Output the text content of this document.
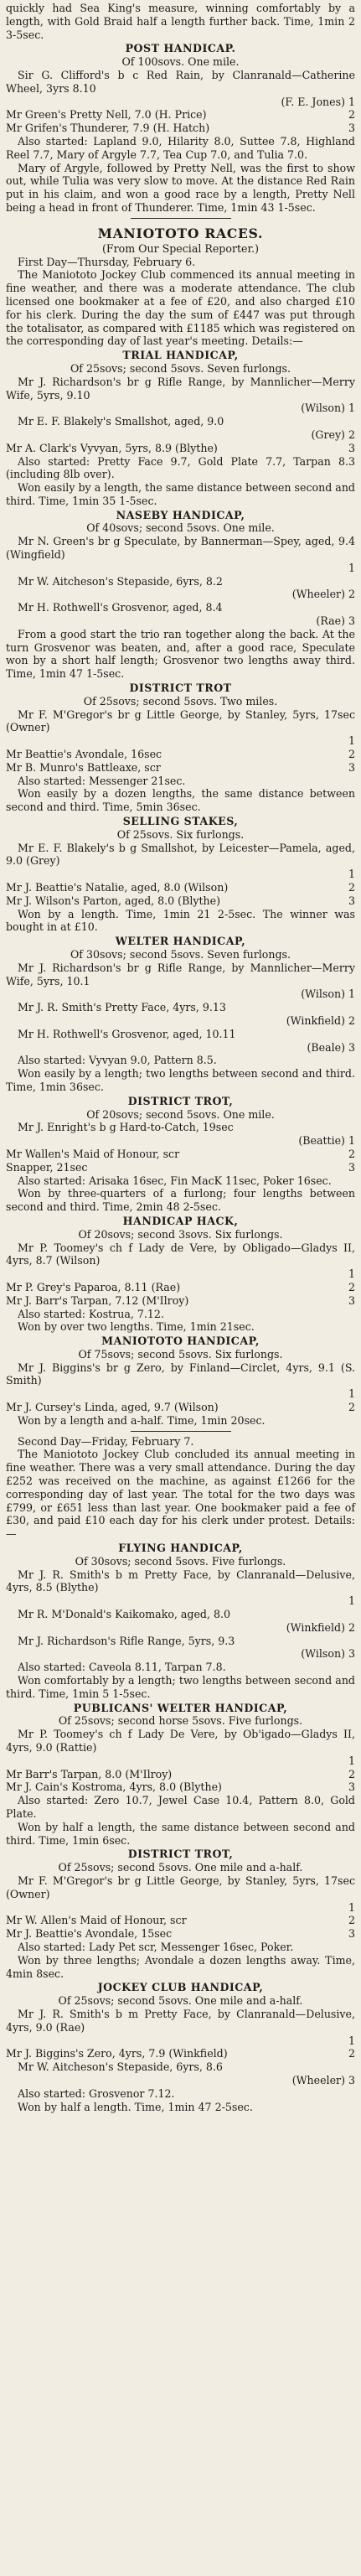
quickly had Sea King's measure, winning comfortably by a length, with Gold Braid half a length further back. Time, 1min 2 3-5sec.

POST HANDICAP.

Of 100sovs. One mile.

Sir G. Clifford's b c Red Rain, by Clanranald—Catherine Wheel, 3yrs 8.10

(F. E. Jones) 1

2
Mr Green's Pretty Nell, 7.0 (H. Price)

3
Mr Grifen's Thunderer, 7.9 (H. Hatch)

Also started: Lapland 9.0, Hilarity 8.0, Suttee 7.8, Highland Reel 7.7, Mary of Argyle 7.7, Tea Cup 7.0, and Tulia 7.0.

Mary of Argyle, followed by Pretty Nell, was the first to show out, while Tulia was very slow to move. At the distance Red Rain put in his claim, and won a good race by a length, Pretty Nell being a head in front of Thunderer. Time, 1min 43 1-5sec.

MANIOTOTO RACES.

(From Our Special Reporter.)

First Day—Thursday, February 6.

The Maniototo Jockey Club commenced its annual meeting in fine weather, and there was a moderate attendance. The club licensed one bookmaker at a fee of £20, and also charged £10 for his clerk. During the day the sum of £447 was put through the totalisator, as compared with £1185 which was registered on the corresponding day of last year's meeting. Details:—

TRIAL HANDICAP,

Of 25sovs; second 5sovs. Seven furlongs.

Mr J. Richardson's br g Rifle Range, by Mannlicher—Merry Wife, 5yrs, 9.10

(Wilson) 1

Mr E. F. Blakely's Smallshot, aged, 9.0

(Grey) 2

3
Mr A. Clark's Vyvyan, 5yrs, 8.9 (Blythe)

Also started: Pretty Face 9.7, Gold Plate 7.7, Tarpan 8.3 (including 8lb over).

Won easily by a length, the same distance between second and third. Time, 1min 35 1-5sec.

NASEBY HANDICAP,

Of 40sovs; second 5sovs. One mile.

Mr N. Green's br g Speculate, by Bannerman—Spey, aged, 9.4 (Wingfield)

1

Mr W. Aitcheson's Stepaside, 6yrs, 8.2

(Wheeler) 2

Mr H. Rothwell's Grosvenor, aged, 8.4

(Rae) 3

From a good start the trio ran together along the back. At the turn Grosvenor was beaten, and, after a good race, Speculate won by a short half length; Grosvenor two lengths away third. Time, 1min 47 1-5sec.

DISTRICT TROT

Of 25sovs; second 5sovs. Two miles.

Mr F. M'Gregor's br g Little George, by Stanley, 5yrs, 17sec (Owner)

1

2
Mr Beattie's Avondale, 16sec

3
Mr B. Munro's Battleaxe, scr

Also started: Messenger 21sec.

Won easily by a dozen lengths, the same distance between second and third. Time, 5min 36sec.

SELLING STAKES,

Of 25sovs. Six furlongs.

Mr E. F. Blakely's b g Smallshot, by Leicester—Pamela, aged, 9.0 (Grey)

1

2
Mr J. Beattie's Natalie, aged, 8.0 (Wilson)

3
Mr J. Wilson's Parton, aged, 8.0 (Blythe)

Won by a length. Time, 1min 21 2-5sec. The winner was bought in at £10.

WELTER HANDICAP,

Of 30sovs; second 5sovs. Seven furlongs.

Mr J. Richardson's br g Rifle Range, by Mannlicher—Merry Wife, 5yrs, 10.1

(Wilson) 1

Mr J. R. Smith's Pretty Face, 4yrs, 9.13

(Winkfield) 2

Mr H. Rothwell's Grosvenor, aged, 10.11

(Beale) 3

Also started: Vyvyan 9.0, Pattern 8.5.

Won easily by a length; two lengths between second and third. Time, 1min 36sec.

DISTRICT TROT,

Of 20sovs; second 5sovs. One mile.

Mr J. Enright's b g Hard-to-Catch, 19sec

(Beattie) 1

2
Mr Wallen's Maid of Honour, scr

3
Snapper, 21sec

Also started: Arisaka 16sec, Fin MacK 11sec, Poker 16sec.

Won by three-quarters of a furlong; four lengths between second and third. Time, 2min 48 2-5sec.

HANDICAP HACK,

Of 20sovs; second 3sovs. Six furlongs.

Mr P. Toomey's ch f Lady de Vere, by Obligado—Gladys II, 4yrs, 8.7 (Wilson)

1

2
Mr P. Grey's Paparoa, 8.11 (Rae)

3
Mr J. Barr's Tarpan, 7.12 (M'Ilroy)

Also started: Kostrua, 7.12.

Won by over two lengths. Time, 1min 21sec.

MANIOTOTO HANDICAP,

Of 75sovs; second 5sovs. Six furlongs.

Mr J. Biggins's br g Zero, by Finland—Circlet, 4yrs, 9.1 (S. Smith)

1

2
Mr J. Cursey's Linda, aged, 9.7 (Wilson)

Won by a length and a-half. Time, 1min 20sec.

Second Day—Friday, February 7.

The Maniototo Jockey Club concluded its annual meeting in fine weather. There was a very small attendance. During the day £252 was received on the machine, as against £1266 for the corresponding day of last year. The total for the two days was £799, or £651 less than last year. One bookmaker paid a fee of £30, and paid £10 each day for his clerk under protest. Details:—

FLYING HANDICAP,

Of 30sovs; second 5sovs. Five furlongs.

Mr J. R. Smith's b m Pretty Face, by Clanranald—Delusive, 4yrs, 8.5 (Blythe)

1

Mr R. M'Donald's Kaikomako, aged, 8.0

(Winkfield) 2

Mr J. Richardson's Rifle Range, 5yrs, 9.3

(Wilson) 3

Also started: Caveola 8.11, Tarpan 7.8.

Won comfortably by a length; two lengths between second and third. Time, 1min 5 1-5sec.

PUBLICANS' WELTER HANDICAP,

Of 25sovs; second horse 5sovs. Five furlongs.

Mr P. Toomey's ch f Lady De Vere, by Ob'igado—Gladys II, 4yrs, 9.0 (Rattie)

1

2
Mr Barr's Tarpan, 8.0 (M'Ilroy)

3
Mr J. Cain's Kostroma, 4yrs, 8.0 (Blythe)

Also started: Zero 10.7, Jewel Case 10.4, Pattern 8.0, Gold Plate.

Won by half a length, the same distance between second and third. Time, 1min 6sec.

DISTRICT TROT,

Of 25sovs; second 5sovs. One mile and a-half.

Mr F. M'Gregor's br g Little George, by Stanley, 5yrs, 17sec (Owner)

1

2
Mr W. Allen's Maid of Honour, scr

3
Mr J. Beattie's Avondale, 15sec

Also started: Lady Pet scr, Messenger 16sec, Poker.

Won by three lengths; Avondale a dozen lengths away. Time, 4min 8sec.

JOCKEY CLUB HANDICAP,

Of 25sovs; second 5sovs. One mile and a-half.

Mr J. R. Smith's b m Pretty Face, by Clanranald—Delusive, 4yrs, 9.0 (Rae)

1

2
Mr J. Biggins's Zero, 4yrs, 7.9 (Winkfield)

Mr W. Aitcheson's Stepaside, 6yrs, 8.6

(Wheeler) 3

Also started: Grosvenor 7.12.

Won by half a length. Time, 1min 47 2-5sec.
